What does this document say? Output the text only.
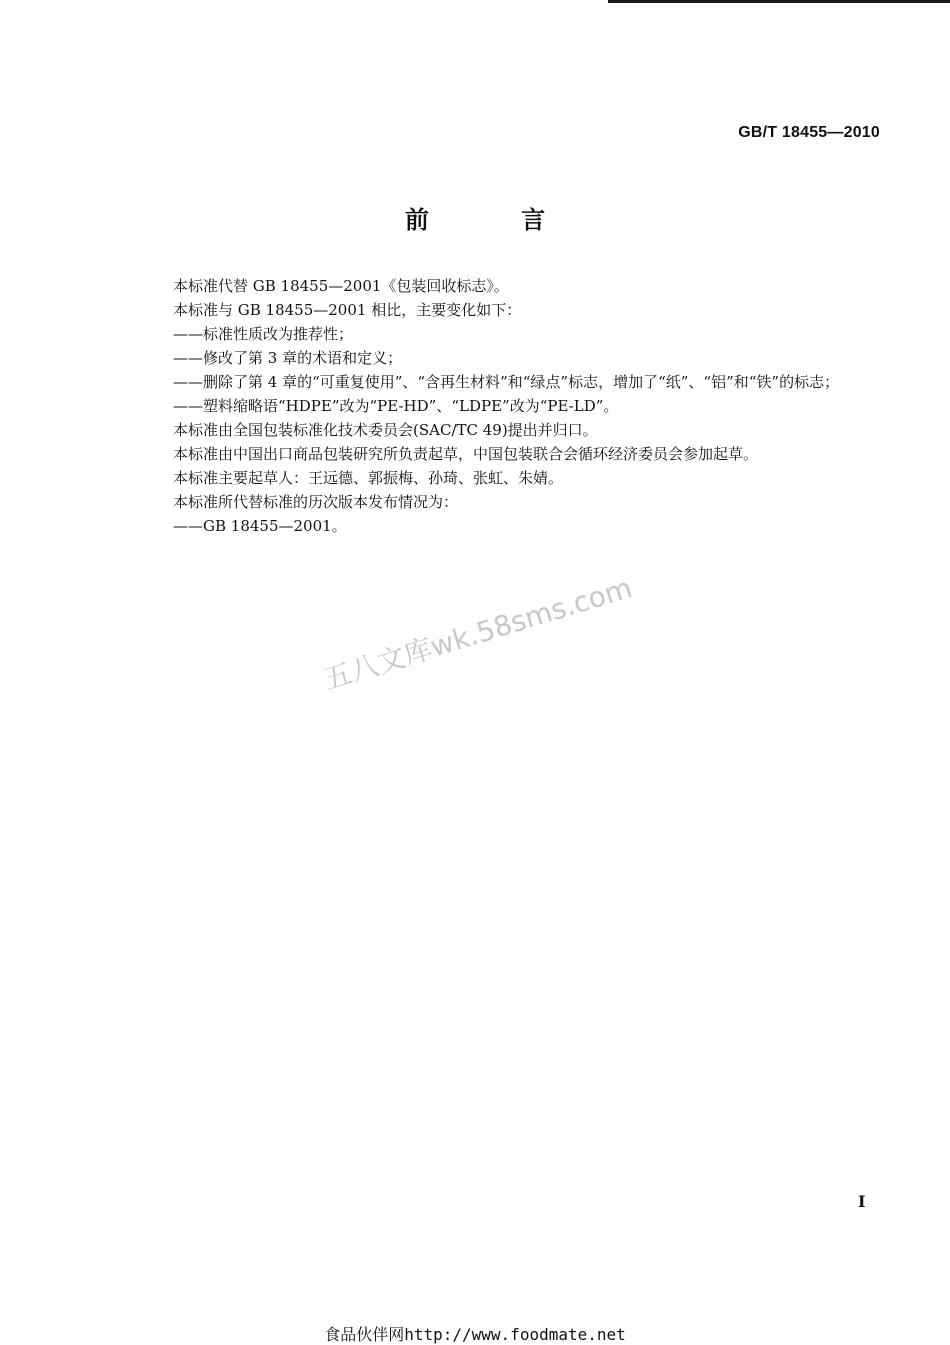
GB/T 18455—2010
前 言
本标准代替 GB 18455—2001《包装回收标志》。
本标准与 GB 18455—2001 相比，主要变化如下：
——标准性质改为推荐性；
——修改了第 3 章的术语和定义；
——删除了第 4 章的“可重复使用”、“含再生材料”和“绿点”标志，增加了“纸”、“铝”和“铁”的标志；
——塑料缩略语“HDPE”改为“PE-HD”、“LDPE”改为“PE-LD”。
本标准由全国包装标准化技术委员会(SAC/TC 49)提出并归口。
本标准由中国出口商品包装研究所负责起草，中国包装联合会循环经济委员会参加起草。
本标准主要起草人：王远德、郭振梅、孙琦、张虹、朱婧。
本标准所代替标准的历次版本发布情况为：
——GB 18455—2001。
五八文库wk.58sms.com
I
食品伙伴网http://www.foodmate.net
